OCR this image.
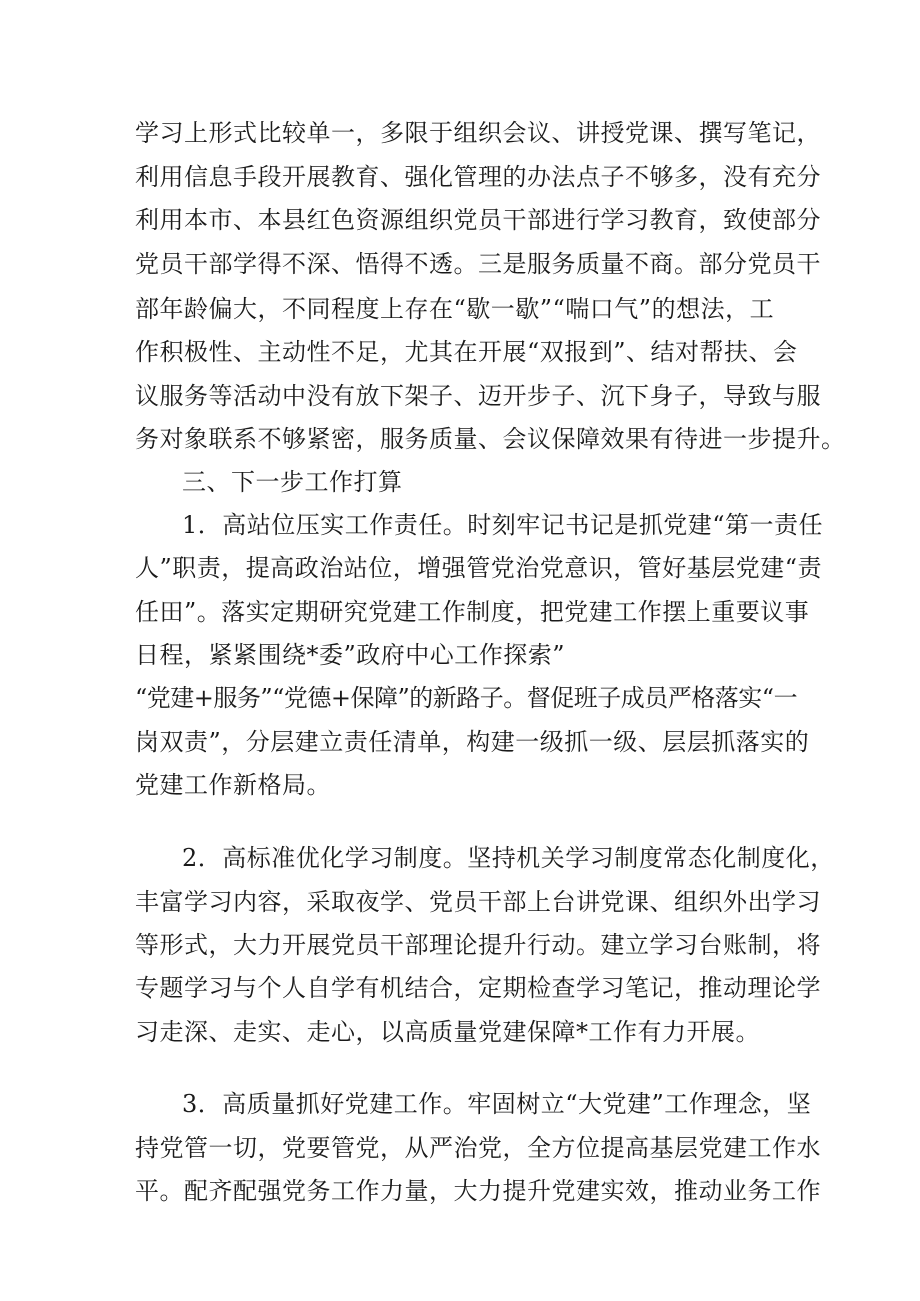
学习上形式比较单一，多限于组织会议、讲授党课、撰写笔记，
利用信息手段开展教育、强化管理的办法点子不够多，没有充分
利用本市、本县红色资源组织党员干部进行学习教育，致使部分
党员干部学得不深、悟得不透。三是服务质量不商。部分党员干
部年龄偏大，不同程度上存在“歇一歇”“喘口气”的想法，工
作积极性、主动性不足，尤其在开展“双报到”、结对帮扶、会
议服务等活动中没有放下架子、迈开步子、沉下身子，导致与服
务对象联系不够紧密，服务质量、会议保障效果有待进一步提升。
三、下一步工作打算
1．高站位压实工作责任。时刻牢记书记是抓党建“第一责任
人”职责，提高政治站位，增强管党治党意识，管好基层党建“责
任田”。落实定期研究党建工作制度，把党建工作摆上重要议事
日程，紧紧围绕*委”政府中心工作探索”
“党建+服务”“党德+保障”的新路子。督促班子成员严格落实“一
岗双责”，分层建立责任清单，构建一级抓一级、层层抓落实的
党建工作新格局。
2．高标准优化学习制度。坚持机关学习制度常态化制度化，
丰富学习内容，采取夜学、党员干部上台讲党课、组织外出学习
等形式，大力开展党员干部理论提升行动。建立学习台账制，将
专题学习与个人自学有机结合，定期检查学习笔记，推动理论学
习走深、走实、走心，以高质量党建保障*工作有力开展。
3．高质量抓好党建工作。牢固树立“大党建”工作理念，坚
持党管一切，党要管党，从严治党，全方位提高基层党建工作水
平。配齐配强党务工作力量，大力提升党建实效，推动业务工作
